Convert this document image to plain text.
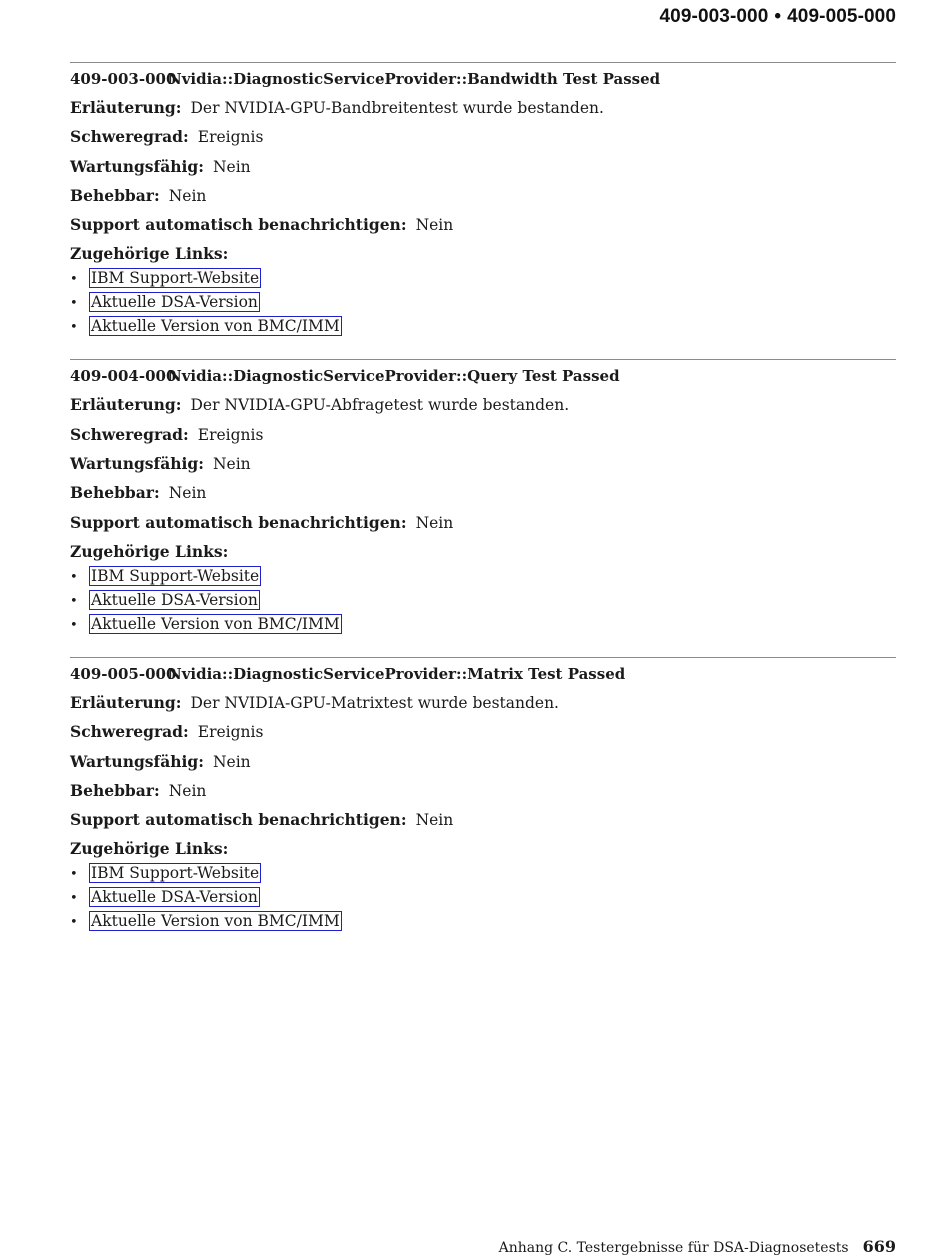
409-003-000 • 409-005-000
409-003-000Nvidia::DiagnosticServiceProvider::Bandwidth Test Passed
Erläuterung: Der NVIDIA-GPU-Bandbreitentest wurde bestanden.
Schweregrad: Ereignis
Wartungsfähig: Nein
Behebbar: Nein
Support automatisch benachrichtigen: Nein
Zugehörige Links:
• IBM Support-Website
• Aktuelle DSA-Version
• Aktuelle Version von BMC/IMM
409-004-000Nvidia::DiagnosticServiceProvider::Query Test Passed
Erläuterung: Der NVIDIA-GPU-Abfragetest wurde bestanden.
Schweregrad: Ereignis
Wartungsfähig: Nein
Behebbar: Nein
Support automatisch benachrichtigen: Nein
Zugehörige Links:
• IBM Support-Website
• Aktuelle DSA-Version
• Aktuelle Version von BMC/IMM
409-005-000Nvidia::DiagnosticServiceProvider::Matrix Test Passed
Erläuterung: Der NVIDIA-GPU-Matrixtest wurde bestanden.
Schweregrad: Ereignis
Wartungsfähig: Nein
Behebbar: Nein
Support automatisch benachrichtigen: Nein
Zugehörige Links:
• IBM Support-Website
• Aktuelle DSA-Version
• Aktuelle Version von BMC/IMM
Anhang C. Testergebnisse für DSA-Diagnosetests 669
